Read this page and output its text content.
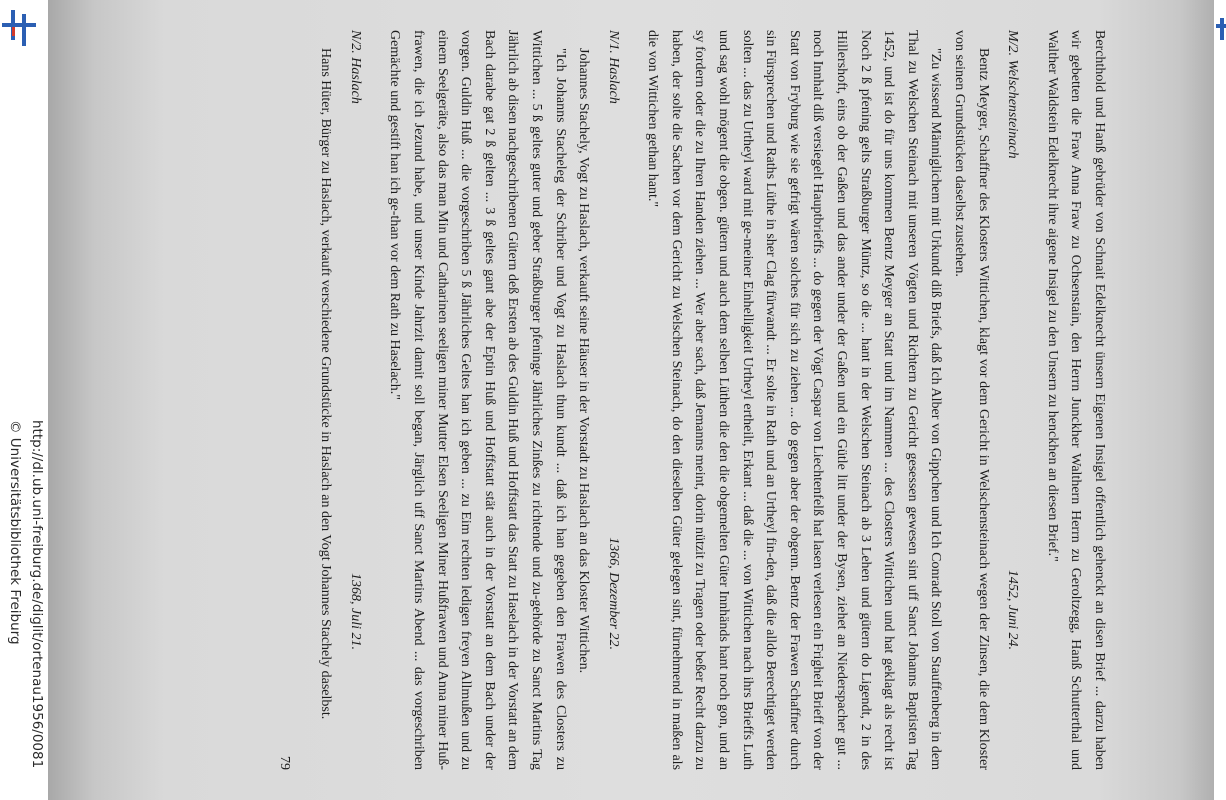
Berchthold und Hanß gebrüder von Schnait Edelknecht ünsern Eigenen Insigel offentlich gehenckt an disen Brief ... darzu haben wir gebetten die Fraw Anna Fraw zu Ochsenstain, den Herrn Junckher Walthern Herrn zu Geroltzegg, Hanß Schutterthal und Walther Waldstein Edelknecht ihre aigene Insigel zu den Unsern zu henckhen an diesen Brief."

M/2. Welschensteinach
1452, Juni 24.

Bentz Meyger, Schaffner des Klosters Wittichen, klagt vor dem Gericht in Welschensteinach wegen der Zinsen, die dem Kloster von seinen Grundstücken daselbst zustehen.

"Zu wissend Männiglichem mit Urkundt diß Briefs, daß Ich Alber von Gippchen und Ich Conradt Stoll von Stauffenberg in dem Thal zu Welschen Steinach mit unseren Vögten und Richtern zu Gericht gesessen gewesen sint uff Sanct Johanns Baptisten Tag 1452, und ist do für uns kommen Bentz Meyger an Statt und im Nammen ... des Closters Wittichen und hat geklagt als recht ist Noch 2 ß pfening gelts Straßburger Müntz, so die ... hant in der Welschen Steinach ab 3 Lehen und gütern do Ligendt, 2 in des Hillershoft, eins ob der Gaßen und das ander under der Gaßen und ein Gütle litt under der Bysen, ziehet an Niederspacher gut ... noch Innhalt diß versiegelt Hauptbrieffs ... do gegen der Vögt Caspar von Liechtenfelß hat lasen verlesen ein Frigheit Brieff von der Statt von Fryburg wie sie gefrigt wären solches für sich zu ziehen ... do gegen aber der obgenn. Bentz der Frawen Schaffner durch sin Fürsprechen und Raths Lüthe in sher Clag fürwandt ... Er solte in Rath und an Urtheyl fin-den, daß die alldo Berechtiget werden solten ... das zu Urtheyl ward mit ge-meiner Einhelligkeit Urtheyl ertheilt, Erkant ... daß die ... von Wittichen nach ihrs Brieffs Luth und sag wohl mögent die obgen. gütern und auch dem selben Lüthen die den die obgemelten Güter Innhänds hant noch gon, und an sy fordern oder die zu Ihren Handen ziehen ... Wer aber sach, daß Jemanns meint, dorin nützit zu Tragen oder beßer Recht darzu zu haben, der solte die Sachen vor dem Gericht zu Welschen Steinach, do den dieselben Güter gelegen sint, fürnehmend in maßen als die von Wittichen gethan hant."

N/1. Haslach
1366, Dezember 22.

Johannes Stachely, Vogt zu Haslach, verkauft seine Häuser in der Vorstadt zu Haslach an das Kloster Wittichen.

"Ich Johanns Stacheleg der Schriber und Vogt zu Haslach thun kundt ... daß ich han gegeben den Frawen des Closters zu Wittichen ... 5 ß geltes guter und geber Straßburger pfeninge Jährliches Zinßes zu richtende und zu-gehörde zu Sanct Martins Tag Jährlich ab disen nachgeschribenen Gütern deß Ersten ab des Guldin Huß und Hoffstatt das Statt zu Haselach in der Vorstatt an dem Bach darabe gat 2 ß gelten ... 3 ß geltes gant abe der Eptin Huß und Hoffstatt stät auch in der Vorstatt an dem Bach under der vorgen. Guldin Huß ... die vorgeschriben 5 ß Jährliches Geltes han ich geben ... zu Eim rechten ledigen freyen Allmußen und zu einem Seelgeräte, also das man Min und Catharinen seeligen miner Mutter Elsen Seeligen Miner Hußfrawen und Anna miner Huß-frawen, die ich Jezund habe, und unser Kinde Jahrzit damit soll began, Järglich uff Sanct Martins Abend ... das vorgeschriben Gemächte und gestift han ich ge-than vor dem Rath zu Haselach."

N/2. Haslach
1368, Juli 21.

Hans Hüter, Bürger zu Haslach, verkauft verschiedene Grundstücke in Haslach an den Vogt Johannes Stachely daselbst.

79
http://dl.ub.uni-freiburg.de/diglit/ortenau1956/0081
© Universitätsbibliothek Freiburg
